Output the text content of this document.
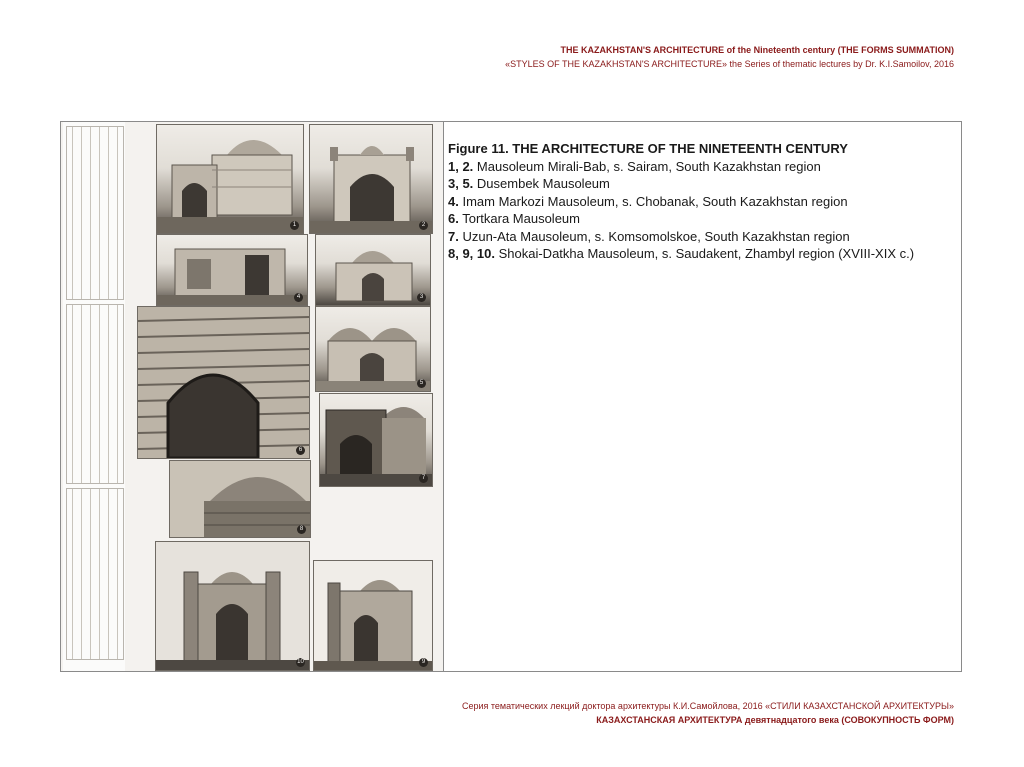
THE KAZAKHSTAN'S ARCHITECTURE of the Nineteenth century (THE FORMS SUMMATION)
«STYLES OF THE KAZAKHSTAN'S ARCHITECTURE» the Series of thematic lectures by Dr. K.I.Samoilov, 2016
1	2
4	3
6
5
7
8
10	9
Figure 11. THE ARCHITECTURE OF THE NINETEENTH CENTURY
1, 2. Mausoleum Mirali-Bab, s. Sairam, South Kazakhstan region
3, 5. Dusembek Mausoleum
4. Imam Markozi Mausoleum, s. Chobanak, South Kazakhstan region
6. Tortkara Mausoleum
7. Uzun-Ata Mausoleum, s. Komsomolskoe, South Kazakhstan region
8, 9, 10. Shokai-Datkha Mausoleum, s. Saudakent, Zhambyl region (XVIII-XIX c.)
Серия тематических лекций доктора архитектуры К.И.Самойлова, 2016 «СТИЛИ КАЗАХСТАНСКОЙ АРХИТЕКТУРЫ»
КАЗАХСТАНСКАЯ АРХИТЕКТУРА девятнадцатого века (СОВОКУПНОСТЬ ФОРМ)
